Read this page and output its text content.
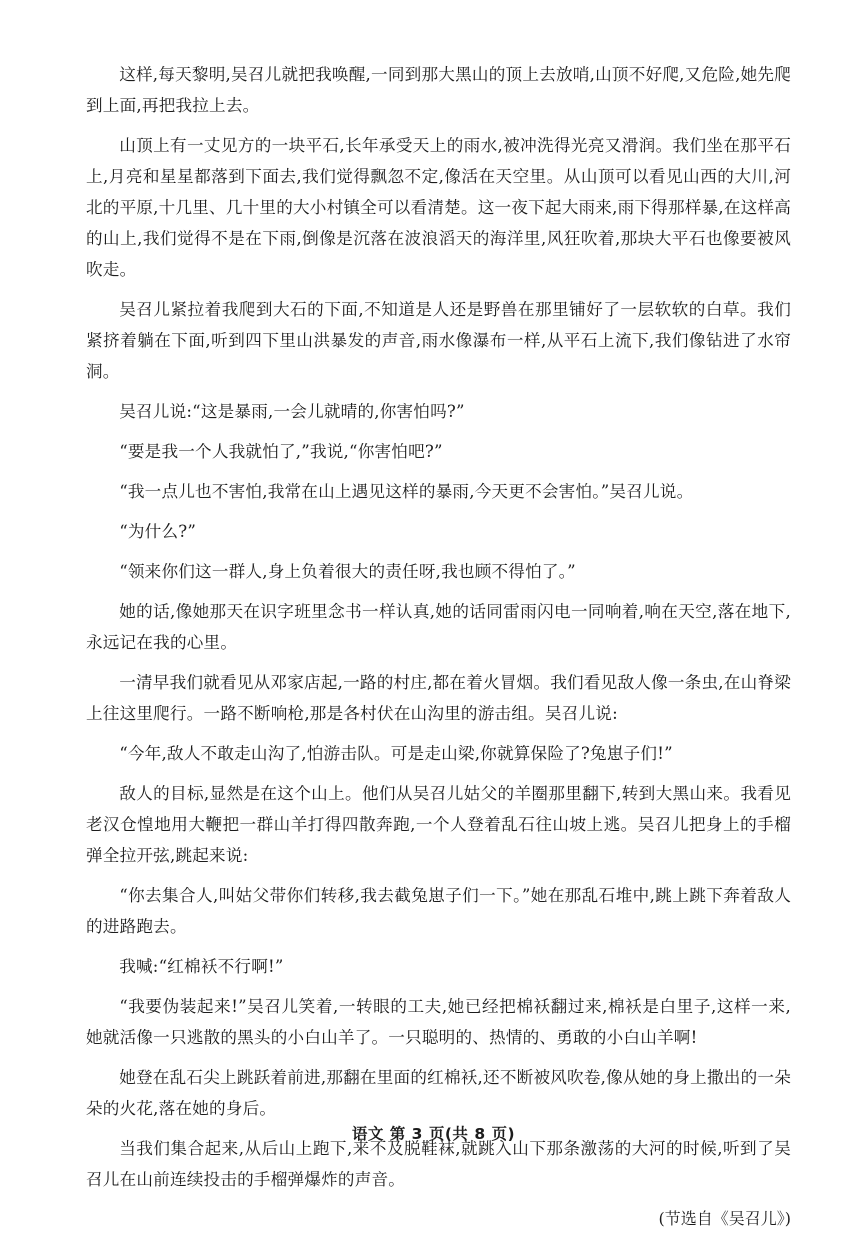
这样,每天黎明,吴召儿就把我唤醒,一同到那大黑山的顶上去放哨,山顶不好爬,又危险,她先爬到上面,再把我拉上去。

山顶上有一丈见方的一块平石,长年承受天上的雨水,被冲洗得光亮又滑润。我们坐在那平石上,月亮和星星都落到下面去,我们觉得飘忽不定,像活在天空里。从山顶可以看见山西的大川,河北的平原,十几里、几十里的大小村镇全可以看清楚。这一夜下起大雨来,雨下得那样暴,在这样高的山上,我们觉得不是在下雨,倒像是沉落在波浪滔天的海洋里,风狂吹着,那块大平石也像要被风吹走。

吴召儿紧拉着我爬到大石的下面,不知道是人还是野兽在那里铺好了一层软软的白草。我们紧挤着躺在下面,听到四下里山洪暴发的声音,雨水像瀑布一样,从平石上流下,我们像钻进了水帘洞。

吴召儿说:“这是暴雨,一会儿就晴的,你害怕吗?”

“要是我一个人我就怕了,”我说,“你害怕吧?”

“我一点儿也不害怕,我常在山上遇见这样的暴雨,今天更不会害怕。”吴召儿说。

“为什么?”

“领来你们这一群人,身上负着很大的责任呀,我也顾不得怕了。”

她的话,像她那天在识字班里念书一样认真,她的话同雷雨闪电一同响着,响在天空,落在地下,永远记在我的心里。

一清早我们就看见从邓家店起,一路的村庄,都在着火冒烟。我们看见敌人像一条虫,在山脊梁上往这里爬行。一路不断响枪,那是各村伏在山沟里的游击组。吴召儿说:

“今年,敌人不敢走山沟了,怕游击队。可是走山梁,你就算保险了?兔崽子们!”

敌人的目标,显然是在这个山上。他们从吴召儿姑父的羊圈那里翻下,转到大黑山来。我看见老汉仓惶地用大鞭把一群山羊打得四散奔跑,一个人登着乱石往山坡上逃。吴召儿把身上的手榴弹全拉开弦,跳起来说:

“你去集合人,叫姑父带你们转移,我去截兔崽子们一下。”她在那乱石堆中,跳上跳下奔着敌人的进路跑去。

我喊:“红棉袄不行啊!”

“我要伪装起来!”吴召儿笑着,一转眼的工夫,她已经把棉袄翻过来,棉袄是白里子,这样一来,她就活像一只逃散的黑头的小白山羊了。一只聪明的、热情的、勇敢的小白山羊啊!

她登在乱石尖上跳跃着前进,那翻在里面的红棉袄,还不断被风吹卷,像从她的身上撒出的一朵朵的火花,落在她的身后。

当我们集合起来,从后山上跑下,来不及脱鞋袜,就跳入山下那条激荡的大河的时候,听到了吴召儿在山前连续投击的手榴弹爆炸的声音。

(节选自《吴召儿》)

语文 第 3 页(共 8 页)
